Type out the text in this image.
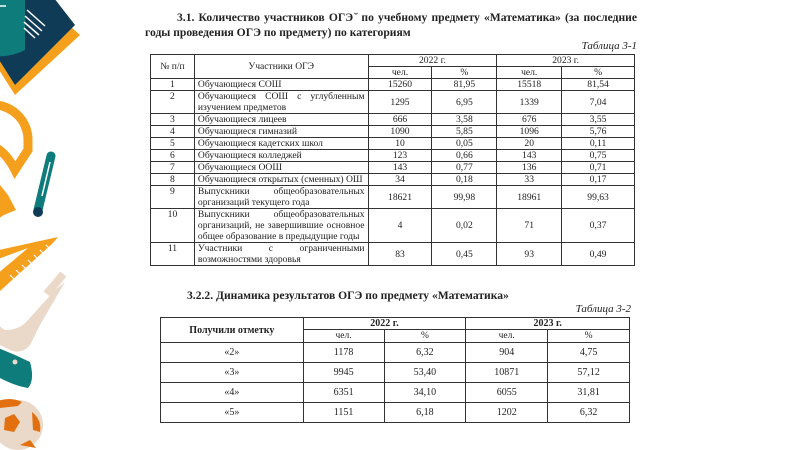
3.1. Количество участников ОГЭ ̆ по учебному предмету «Математика» (за последние годы проведения ОГЭ по предмету) по категориям
Таблица 3-1
№ п/п	Участники ОГЭ	2022 г.		2023 г.	
		чел.	%	чел.	%
1	Обучающиеся СОШ	15260	81,95	15518	81,54
2	Обучающиеся СОШ с углубленным изучением предметов	1295	6,95	1339	7,04
3	Обучающиеся лицеев	666	3,58	676	3,55
4	Обучающиеся гимназий	1090	5,85	1096	5,76
5	Обучающиеся кадетских школ	10	0,05	20	0,11
6	Обучающиеся колледжей	123	0,66	143	0,75
7	Обучающиеся ООШ	143	0,77	136	0,71
8	Обучающиеся открытых (сменных) ОШ	34	0,18	33	0,17
9	Выпускники общеобразовательных организаций текущего года	18621	99,98	18961	99,63
10	Выпускники общеобразовательных организаций, не завершившие основное общее образование в предыдущие годы	4	0,02	71	0,37
11	Участники с ограниченными возможностями здоровья	83	0,45	93	0,49
3.2.2. Динамика результатов ОГЭ по предмету «Математика»
Таблица 3-2
Получили отметку	2022 г.		2023 г.	
	чел.	%	чел.	%
«2»	1178	6,32	904	4,75
«3»	9945	53,40	10871	57,12
«4»	6351	34,10	6055	31,81
«5»	1151	6,18	1202	6,32
